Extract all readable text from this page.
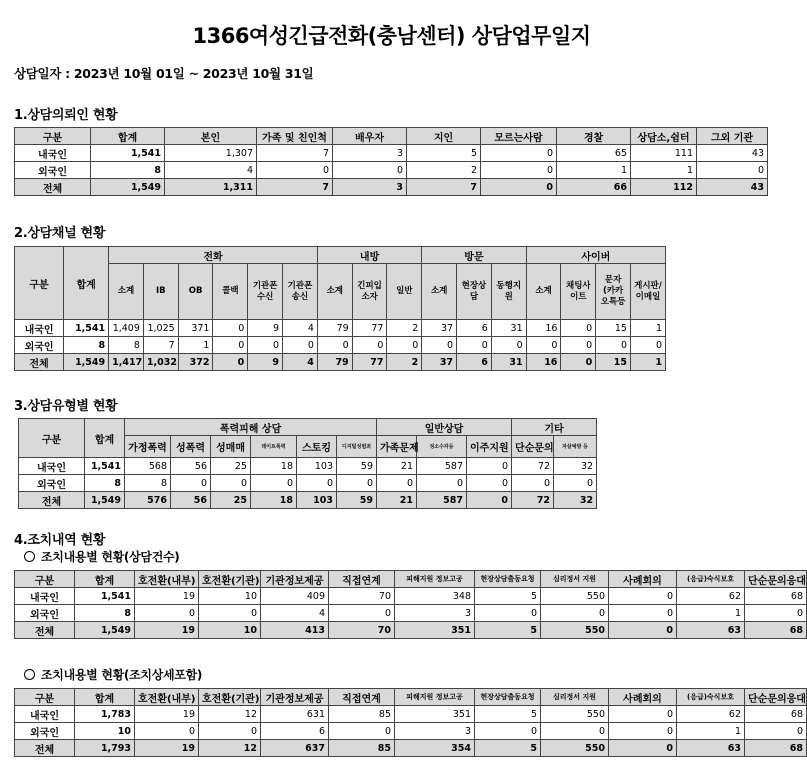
1366여성긴급전화(충남센터) 상담업무일지
상담일자 : 2023년 10월 01일 ~ 2023년 10월 31일
1.상담의뢰인 현황
구분	합계	본인	가족 및 친인척	배우자	지인	모르는사람	경찰	상담소,쉼터	그외 기관
내국인	1,541	1,307	7	3	5	0	65	111	43
외국인	8	4	0	0	2	0	1	1	0
전체	1,549	1,311	7	3	7	0	66	112	43
2.상담채널 현황
구분	합계	전화						내방			방문			사이버			
		소계	IB	OB	콜백	기관폰 수신	기관폰 송신	소계	긴피입소자	일반	소계	현장상담	동행지원	소계	채팅사이트	문자(카카오톡등	게시판/이메일
내국인	1,541	1,409	1,025	371	0	9	4	79	77	2	37	6	31	16	0	15	1
외국인	8	8	7	1	0	0	0	0	0	0	0	0	0	0	0	0	0
전체	1,549	1,417	1,032	372	0	9	4	79	77	2	37	6	31	16	0	15	1
3.상담유형별 현황
구분	합계	폭력피해 상담						일반상담			기타	
		가정폭력	성폭력	성매매	데이트폭력	스토킹	디지털성범죄	가족문제	성소수자등	이주지원	단순문의	자살예방 등
내국인	1,541	568	56	25	18	103	59	21	587	0	72	32
외국인	8	8	0	0	0	0	0	0	0	0	0	0
전체	1,549	576	56	25	18	103	59	21	587	0	72	32
4.조치내역 현황
조치내용별 현황(상담건수)
구분	합계	호전환(내부)	호전환(기관)	기관정보제공	직접연계	피해지원 정보고공	현장상담출동요청	심리정서 지원	사례회의	(응급)숙식보호	단순문의응대
내국인	1,541	19	10	409	70	348	5	550	0	62	68
외국인	8	0	0	4	0	3	0	0	0	1	0
전체	1,549	19	10	413	70	351	5	550	0	63	68
조치내용별 현황(조치상세포함)
구분	합계	호전환(내부)	호전환(기관)	기관정보제공	직접연계	피해지원 정보고공	현장상담출동요청	심리정서 지원	사례회의	(응급)숙식보호	단순문의응대
내국인	1,783	19	12	631	85	351	5	550	0	62	68
외국인	10	0	0	6	0	3	0	0	0	1	0
전체	1,793	19	12	637	85	354	5	550	0	63	68
